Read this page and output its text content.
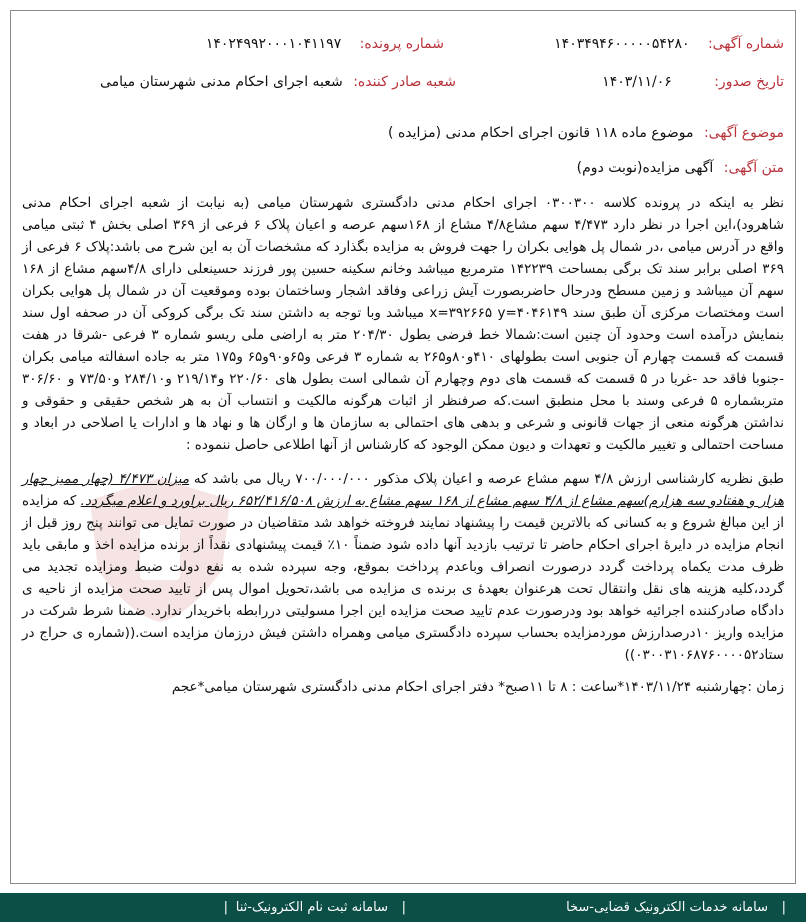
شماره آگهی: ۱۴۰۳۴۹۴۶۰۰۰۰۰۵۴۲۸۰
شماره پرونده: ۱۴۰۲۴۹۹۲۰۰۰۱۰۴۱۱۹۷
تاریخ صدور: ۱۴۰۳/۱۱/۰۶
شعبه صادر کننده: شعبه اجرای احکام مدنی شهرستان میامی
موضوع آگهی: موضوع ماده ۱۱۸ قانون اجرای احکام مدنی (مزایده )
متن آگهی: آگهی مزایده(نوبت دوم)

نظر به اینکه در پرونده کلاسه ۰۳۰۰۳۰۰ اجرای احکام مدنی دادگستری شهرستان میامی (به نیابت از شعبه اجرای احکام مدنی شاهرود)،این اجرا در نظر دارد ۴/۴۷۳ سهم مشاع۴/۸ مشاع از ۱۶۸سهم عرصه و اعیان پلاک ۶ فرعی از ۳۶۹ اصلی بخش ۴ ثبتی میامی واقع در آدرس میامی ،در شمال پل هوایی بکران را جهت فروش به مزایده بگذارد که مشخصات آن به این شرح می باشد:پلاک ۶ فرعی از ۳۶۹ اصلی برابر سند تک برگی بمساحت ۱۴۲۲۳۹ مترمربع میباشد وخانم سکینه حسین پور فرزند حسینعلی دارای ۴/۸سهم مشاع از ۱۶۸ سهم آن میباشد و زمین مسطح ودرحال حاضربصورت آیش زراعی وفاقد اشجار وساختمان بوده وموقعیت آن در شمال پل هوایی بکران است ومختصات مرکزی آن طبق سند x=۳۹۲۶۶۵ y=۴۰۴۶۱۴۹ میباشد وبا توجه به داشتن سند تک برگی کروکی آن در صحفه اول سند بنمایش درآمده است وحدود آن چنین است:شمالا خط فرضی بطول ۲۰۴/۳۰ متر به اراضی ملی ریسو شماره ۳ فرعی -شرقا در هفت قسمت که قسمت چهارم آن جنوبی است بطولهای ۴۱۰و۸۰و۲۶۵ به شماره ۳ فرعی و۶۵و۹۰و۶۵ و۱۷۵ متر به جاده اسفالته میامی بکران -جنوبا فاقد حد -غربا در ۵ قسمت که قسمت های دوم وچهارم آن شمالی است بطول های ۲۲۰/۶۰ و۲۱۹/۱۴ و۲۸۴/۱۰ و۷۳/۵۰ و ۳۰۶/۶۰ متربشماره ۵ فرعی وسند با محل منطبق است.که صرفنظر از اثبات هرگونه مالکیت و انتساب آن به هر شخص حقیقی و حقوقی و نداشتن هرگونه منعی از جهات قانونی و شرعی و بدهی های احتمالی به سازمان ها و ارگان ها و نهاد ها و ادارات یا اصلاحی در ابعاد و مساحت احتمالی و تغییر مالکیت و تعهدات و دیون ممکن الوجود که کارشناس از آنها اطلاعی حاصل ننموده :

طبق نظریه کارشناسی ارزش ۴/۸ سهم مشاع عرصه و اعیان پلاک مذکور ۷۰۰/۰۰۰/۰۰۰ ریال می باشد که میزان ۴/۴۷۳ (چهار ممیز چهار هزار و هفتادو سه هزارم)سهم مشاع از ۴/۸ سهم مشاع از ۱۶۸ سهم مشاع به ارزش ۶۵۲/۴۱۶/۵۰۸ ریال براورد و اعلام میگردد. که مزایده از این مبالغ شروع و به کسانی که بالاترین قیمت را پیشنهاد نمایند فروخته خواهد شد متقاضیان در صورت تمایل می توانند پنج روز قبل از انجام مزایده در دایرۀ اجرای احکام حاضر تا ترتیب بازدید آنها داده شود ضمناً ۱۰٪ قیمت پیشنهادی نقداً از برنده مزایده اخذ و مابقی باید ظرف مدت یکماه پرداخت گردد درصورت انصراف وباعدم پرداخت بموقع، وجه سپرده شده به نفع دولت ضبط ومزایده تجدید می گردد،کلیه هزینه های نقل وانتقال تحت هرعنوان بعهدۀ ی برنده ی مزایده می باشد،تحویل اموال پس از تایید صحت مزایده از ناحیه ی دادگاه صادرکننده اجرائیه خواهد بود ودرصورت عدم تایید صحت مزایده این اجرا مسولیتی دررابطه باخریدار ندارد. ضمنا شرط شرکت در مزایده واریز ۱۰درصدارزش موردمزایده بحساب سپرده دادگستری میامی وهمراه داشتن فیش درزمان مزایده است.((شماره ی حراج در ستاد۰۳۰۰۳۱۰۶۸۷۶۰۰۰۰۵۲))

زمان :چهارشنبه ۱۴۰۳/۱۱/۲۴*ساعت : ۸ تا ۱۱صبح* دفتر اجرای احکام مدنی دادگستری شهرستان میامی*عجم

|
سامانه خدمات الکترونیک قضایی-سخا
|
سامانه ثبت نام الکترونیک-ثنا
|
